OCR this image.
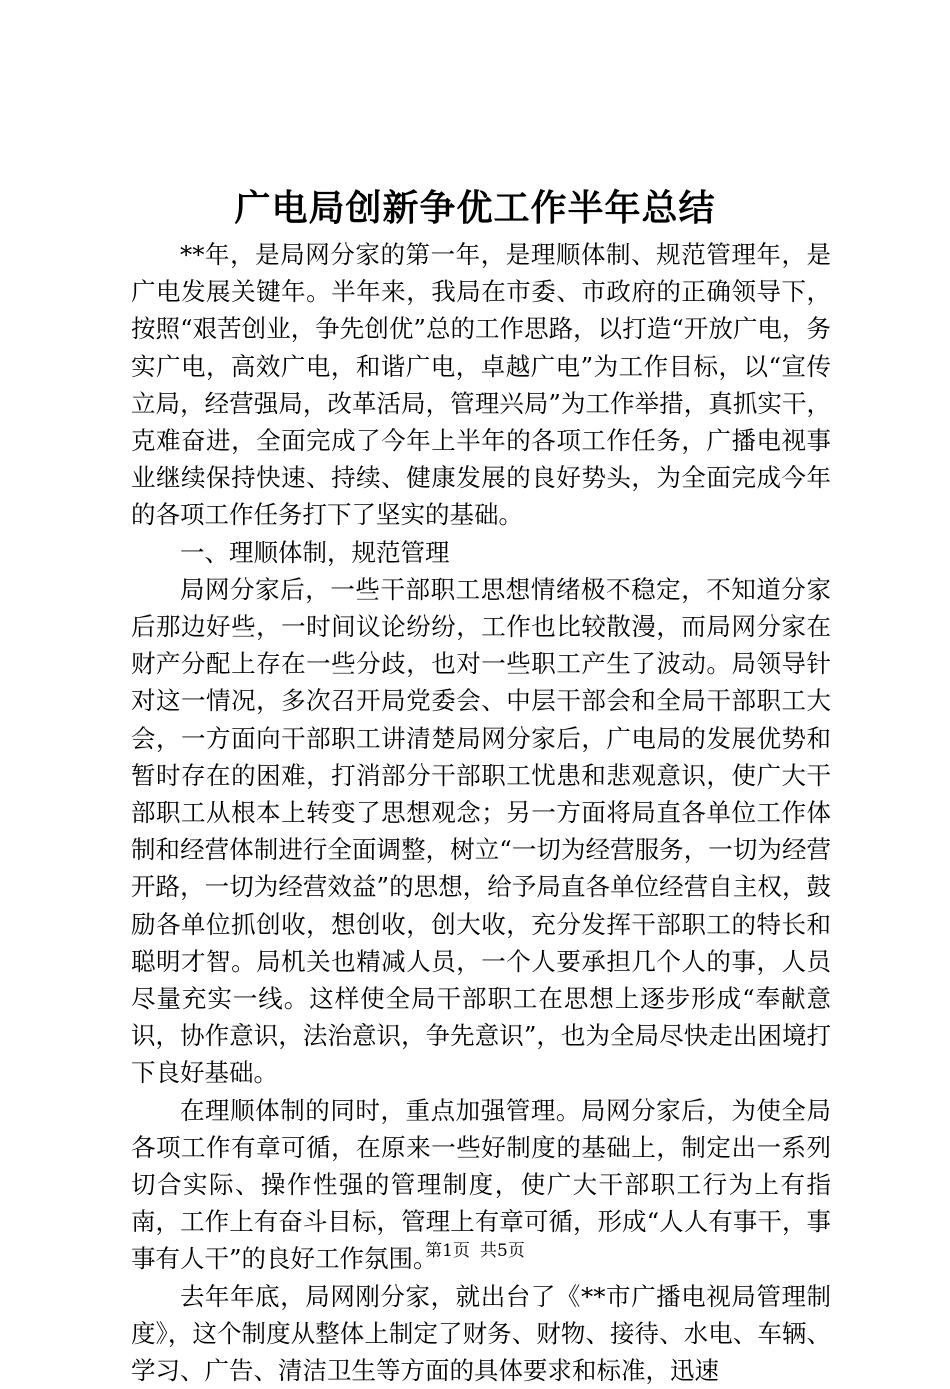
广电局创新争优工作半年总结

**年，是局网分家的第一年，是理顺体制、规范管理年，是广电发展关键年。半年来，我局在市委、市政府的正确领导下，按照“艰苦创业，争先创优”总的工作思路，以打造“开放广电，务实广电，高效广电，和谐广电，卓越广电”为工作目标，以“宣传立局，经营强局，改革活局，管理兴局”为工作举措，真抓实干，克难奋进，全面完成了今年上半年的各项工作任务，广播电视事业继续保持快速、持续、健康发展的良好势头，为全面完成今年的各项工作任务打下了坚实的基础。

一、理顺体制，规范管理

局网分家后，一些干部职工思想情绪极不稳定，不知道分家后那边好些，一时间议论纷纷，工作也比较散漫，而局网分家在财产分配上存在一些分歧，也对一些职工产生了波动。局领导针对这一情况，多次召开局党委会、中层干部会和全局干部职工大会，一方面向干部职工讲清楚局网分家后，广电局的发展优势和暂时存在的困难，打消部分干部职工忧患和悲观意识，使广大干部职工从根本上转变了思想观念；另一方面将局直各单位工作体制和经营体制进行全面调整，树立“一切为经营服务，一切为经营开路，一切为经营效益”的思想，给予局直各单位经营自主权，鼓励各单位抓创收，想创收，创大收，充分发挥干部职工的特长和聪明才智。局机关也精减人员，一个人要承担几个人的事，人员尽量充实一线。这样使全局干部职工在思想上逐步形成“奉献意识，协作意识，法治意识，争先意识”，也为全局尽快走出困境打下良好基础。

在理顺体制的同时，重点加强管理。局网分家后，为使全局各项工作有章可循，在原来一些好制度的基础上，制定出一系列切合实际、操作性强的管理制度，使广大干部职工行为上有指南，工作上有奋斗目标，管理上有章可循，形成“人人有事干，事事有人干”的良好工作氛围。

去年年底，局网刚分家，就出台了《**市广播电视局管理制度》，这个制度从整体上制定了财务、财物、接待、水电、车辆、学习、广告、清洁卫生等方面的具体要求和标准，迅速

第1页 共5页
